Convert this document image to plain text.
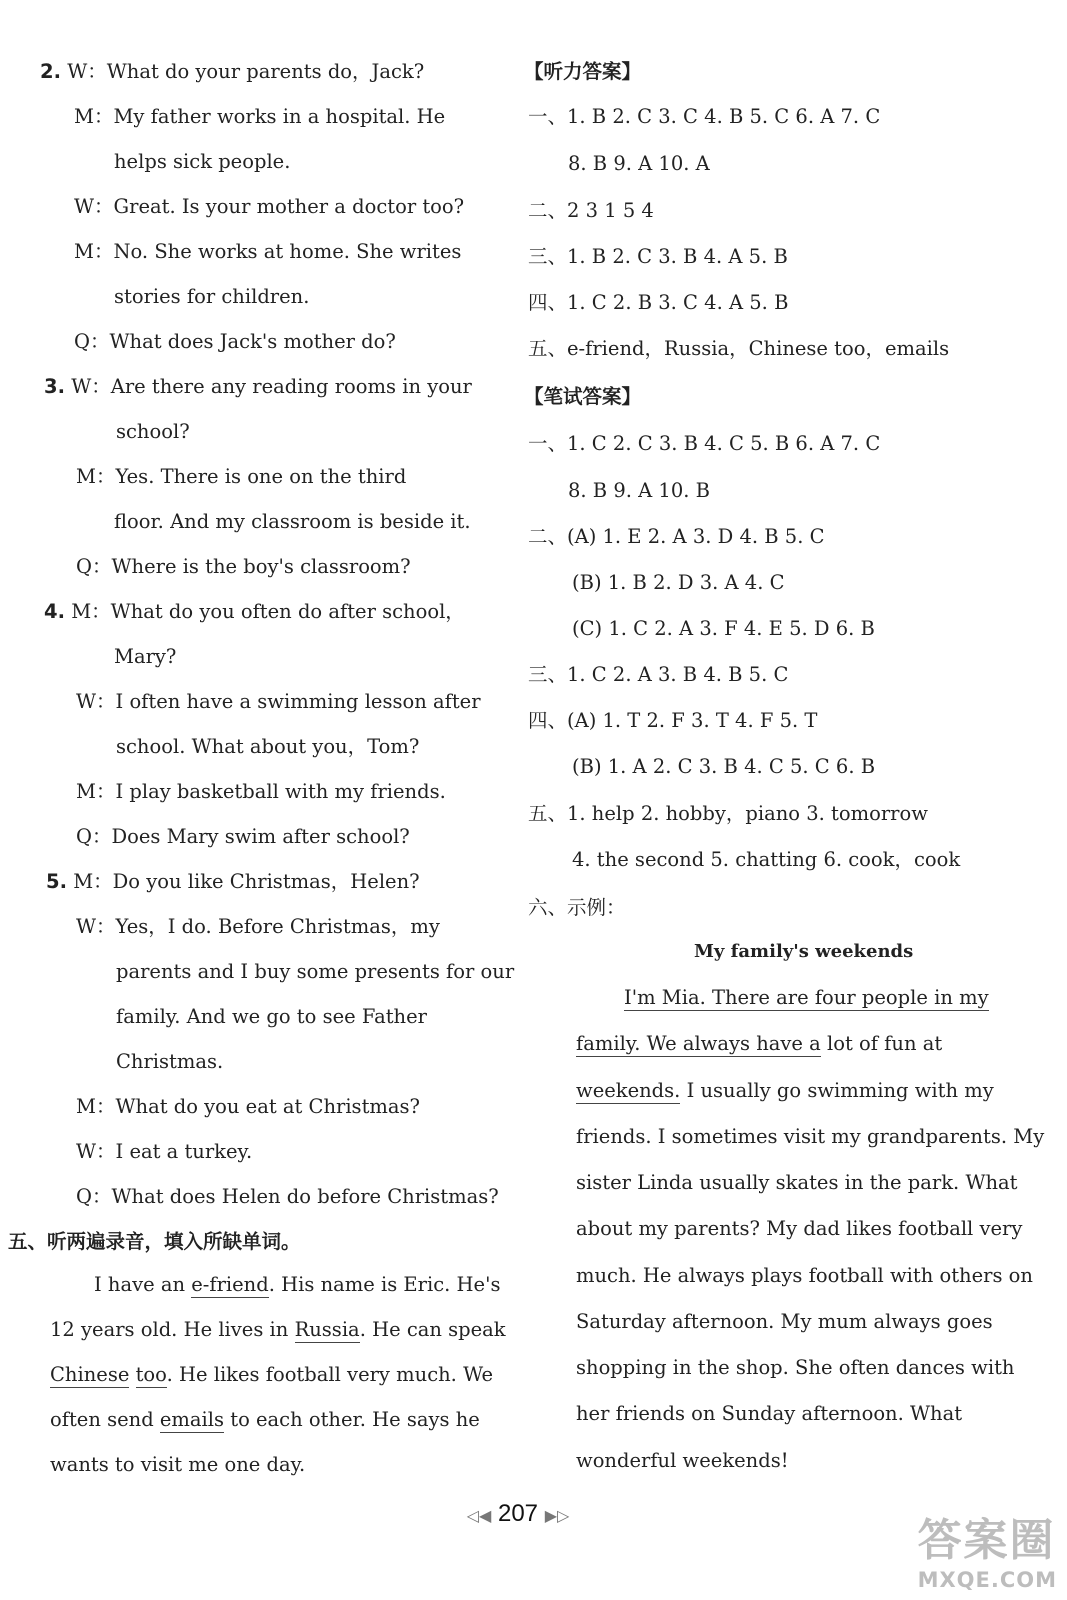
2. W：What do your parents do，Jack?
M：My father works in a hospital. He
helps sick people.
W：Great. Is your mother a doctor too?
M：No. She works at home. She writes
stories for children.
Q：What does Jack's mother do?
3. W：Are there any reading rooms in your
school?
M：Yes. There is one on the third
floor. And my classroom is beside it.
Q：Where is the boy's classroom?
4. M：What do you often do after school，
Mary?
W：I often have a swimming lesson after
school. What about you，Tom?
M：I play basketball with my friends.
Q：Does Mary swim after school?
5. M：Do you like Christmas，Helen?
W：Yes，I do. Before Christmas，my
parents and I buy some presents for our
family. And we go to see Father
Christmas.
M：What do you eat at Christmas?
W：I eat a turkey.
Q：What does Helen do before Christmas?
五、听两遍录音，填入所缺单词。
I have an e-friend. His name is Eric. He's
12 years old. He lives in Russia. He can speak
Chinese too. He likes football very much. We
often send emails to each other. He says he
wants to visit me one day.
【听力答案】
一、1. B 2. C 3. C 4. B 5. C 6. A 7. C
8. B 9. A 10. A
二、2 3 1 5 4
三、1. B 2. C 3. B 4. A 5. B
四、1. C 2. B 3. C 4. A 5. B
五、e-friend，Russia，Chinese too，emails
【笔试答案】
一、1. C 2. C 3. B 4. C 5. B 6. A 7. C
8. B 9. A 10. B
二、(A) 1. E 2. A 3. D 4. B 5. C
(B) 1. B 2. D 3. A 4. C
(C) 1. C 2. A 3. F 4. E 5. D 6. B
三、1. C 2. A 3. B 4. B 5. C
四、(A) 1. T 2. F 3. T 4. F 5. T
(B) 1. A 2. C 3. B 4. C 5. C 6. B
五、1. help 2. hobby，piano 3. tomorrow
4. the second 5. chatting 6. cook，cook
六、示例：
My family's weekends
I'm Mia. There are four people in my
family. We always have a lot of fun at
weekends. I usually go swimming with my
friends. I sometimes visit my grandparents. My
sister Linda usually skates in the park. What
about my parents? My dad likes football very
much. He always plays football with others on
Saturday afternoon. My mum always goes
shopping in the shop. She often dances with
her friends on Sunday afternoon. What
wonderful weekends!
◁◀ 207 ▶▷	答案圈
MXQE.COM
